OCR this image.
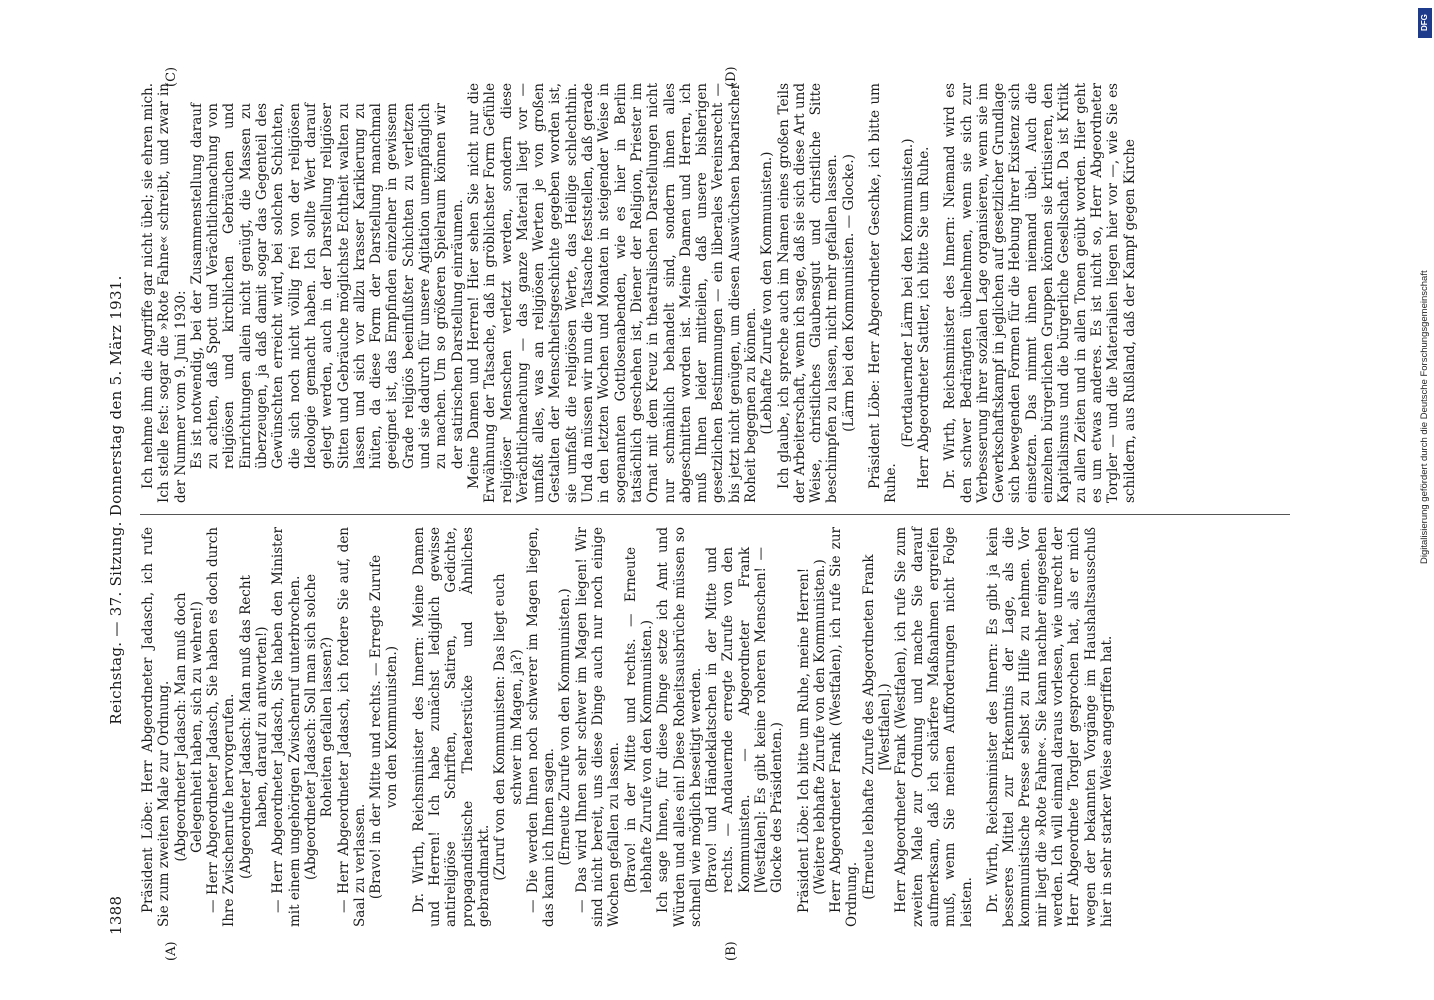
1388
Reichstag. — 37. Sitzung. Donnerstag den 5. März 1931. Präsident Löbe: Herr Abgeordneter Jadasch, ich rufe Sie zum zweiten Male zur Ordnung. (Abgeordneter Jadasch: Man muß doch Gelegenheit haben, sich zu wehren!) — Herr Abgeordneter Jadasch, Sie haben es doch durch Ihre Zwischenrufe hervorgerufen. (Abgeordneter Jadasch: Man muß das Recht haben, darauf zu antworten!) — Herr Abgeordneter Jadasch, Sie haben den Minister mit einem ungehörigen Zwischenruf unterbrochen. (Abgeordneter Jadasch: Soll man sich solche Roheiten gefallen lassen?) — Herr Abgeordneter Jadasch, ich fordere Sie auf, den Saal zu verlassen. (Bravo! in der Mitte und rechts. — Erregte Zurufe von den Kommunisten.) Dr. Wirth, Reichsminister des Innern: Meine Damen und Herren! Ich habe zunächst lediglich gewisse antireligiöse Schriften, Satiren, Gedichte, propagandistische Theaterstücke und Ähnliches gebrandmarkt. (Zuruf von den Kommunisten: Das liegt euch schwer im Magen, ja?) — Die werden Ihnen noch schwerer im Magen liegen, das kann ich Ihnen sagen. (Erneute Zurufe von den Kommunisten.) — Das wird Ihnen sehr schwer im Magen liegen! Wir sind nicht bereit, uns diese Dinge auch nur noch einige Wochen gefallen zu lassen. (Bravo! in der Mitte und rechts. — Erneute lebhafte Zurufe von den Kommunisten.) Ich sage Ihnen, für diese Dinge setze ich Amt und Würden und alles ein! Diese Roheitsausbrüche müssen so schnell wie möglich beseitigt werden. (Bravo! und Händeklatschen in der Mitte und rechts. — Andauernde erregte Zurufe von den Kommunisten. — Abgeordneter Frank [Westfalen]: Es gibt keine roheren Menschen! — Glocke des Präsidenten.) Präsident Löbe: Ich bitte um Ruhe, meine Herren! (Weitere lebhafte Zurufe von den Kommunisten.) Herr Abgeordneter Frank (Westfalen), ich rufe Sie zur Ordnung. (Erneute lebhafte Zurufe des Abgeordneten Frank [Westfalen].) Herr Abgeordneter Frank (Westfalen), ich rufe Sie zum zweiten Male zur Ordnung und mache Sie darauf aufmerksam, daß ich schärfere Maßnahmen ergreifen muß, wenn Sie meinen Aufforderungen nicht Folge leisten. Dr. Wirth, Reichsminister des Innern: Es gibt ja kein besseres Mittel zur Erkenntnis der Lage, als die kommunistische Presse selbst zu Hilfe zu nehmen. Vor mir liegt die »Rote Fahne«. Sie kann nachher eingesehen werden. Ich will einmal daraus vorlesen, wie unrecht der Herr Abgeordnete Torgler gesprochen hat, als er mich wegen der bekannten Vorgänge im Haushaltsausschuß hier in sehr starker Weise angegriffen hat.

Ich nehme ihm die Angriffe gar nicht übel; sie ehren mich. Ich stelle fest: sogar die »Rote Fahne« schreibt, und zwar in der Nummer vom 9. Juni 1930: Es ist notwendig, bei der Zusammenstellung darauf zu achten, daß Spott und Verächtlichmachung von religiösen und kirchlichen Gebräuchen und Einrichtungen allein nicht genügt, die Massen zu überzeugen, ja daß damit sogar das Gegenteil des Gewünschten erreicht wird, bei solchen Schichten, die sich noch nicht völlig frei von der religiösen Ideologie gemacht haben. Ich sollte Wert darauf gelegt werden, auch in der Darstellung religiöser Sitten und Gebräuche möglichste Echtheit walten zu lassen und sich vor allzu krasser Karikierung zu hüten, da diese Form der Darstellung manchmal geeignet ist, das Empfinden einzelner in gewissem Grade religiös beeinflußter Schichten zu verletzen und sie dadurch für unsere Agitation unempfänglich zu machen. Um so größeren Spielraum können wir der satirischen Darstellung einräumen. Meine Damen und Herren! Hier sehen Sie nicht nur die Erwähnung der Tatsache, daß in gröblichster Form Gefühle religiöser Menschen verletzt werden, sondern diese Verächtlichmachung — das ganze Material liegt vor — umfaßt alles, was an religiösen Werten je von großen Gestalten der Menschheitsgeschichte gegeben worden ist, sie umfaßt die religiösen Werte, das Heilige schlechthin. Und da müssen wir nun die Tatsache feststellen, daß gerade in den letzten Wochen und Monaten in steigender Weise in sogenannten Gottlosenabenden, wie es hier in Berlin tatsächlich geschehen ist, Diener der Religion, Priester im Ornat mit dem Kreuz in theatralischen Darstellungen nicht nur schmählich behandelt sind, sondern ihnen alles abgeschnitten worden ist. Meine Damen und Herren, ich muß Ihnen leider mitteilen, daß unsere bisherigen gesetzlichen Bestimmungen — ein liberales Vereinsrecht — bis jetzt nicht genügen, um diesen Auswüchsen barbarischer Roheit begegnen zu können. (Lebhafte Zurufe von den Kommunisten.) Ich glaube, ich spreche auch im Namen eines großen Teils der Arbeiterschaft, wenn ich sage, daß sie sich diese Art und Weise, christliches Glaubensgut und christliche Sitte beschimpfen zu lassen, nicht mehr gefallen lassen. (Lärm bei den Kommunisten. — Glocke.) Präsident Löbe: Herr Abgeordneter Geschke, ich bitte um Ruhe.

(Fortdauernder Lärm bei den Kommunisten.) Herr Abgeordneter Sattler, ich bitte Sie um Ruhe. Dr. Wirth, Reichsminister des Innern: Niemand wird es den schwer Bedrängten übelnehmen, wenn sie sich zur Verbesserung ihrer sozialen Lage organisieren, wenn sie im Gewerkschaftskampf in jeglichen auf gesetzlicher Grundlage sich bewegenden Formen für die Hebung ihrer Existenz sich einsetzen. Das nimmt ihnen niemand übel. Auch die einzelnen bürgerlichen Gruppen können sie kritisieren, den Kapitalismus und die bürgerliche Gesellschaft. Da ist Kritik zu allen Zeiten und in allen Tonen geübt worden. Hier geht es um etwas anderes. Es ist nicht so, Herr Abgeordneter Torgler — und die Materialien liegen hier vor —, wie Sie es schildern, aus Rußland, daß der Kampf gegen Kirche

(A)	(B)
(C)	(D)
DFG
Digitalisierung gefördert durch die Deutsche Forschungsgemeinschaft
